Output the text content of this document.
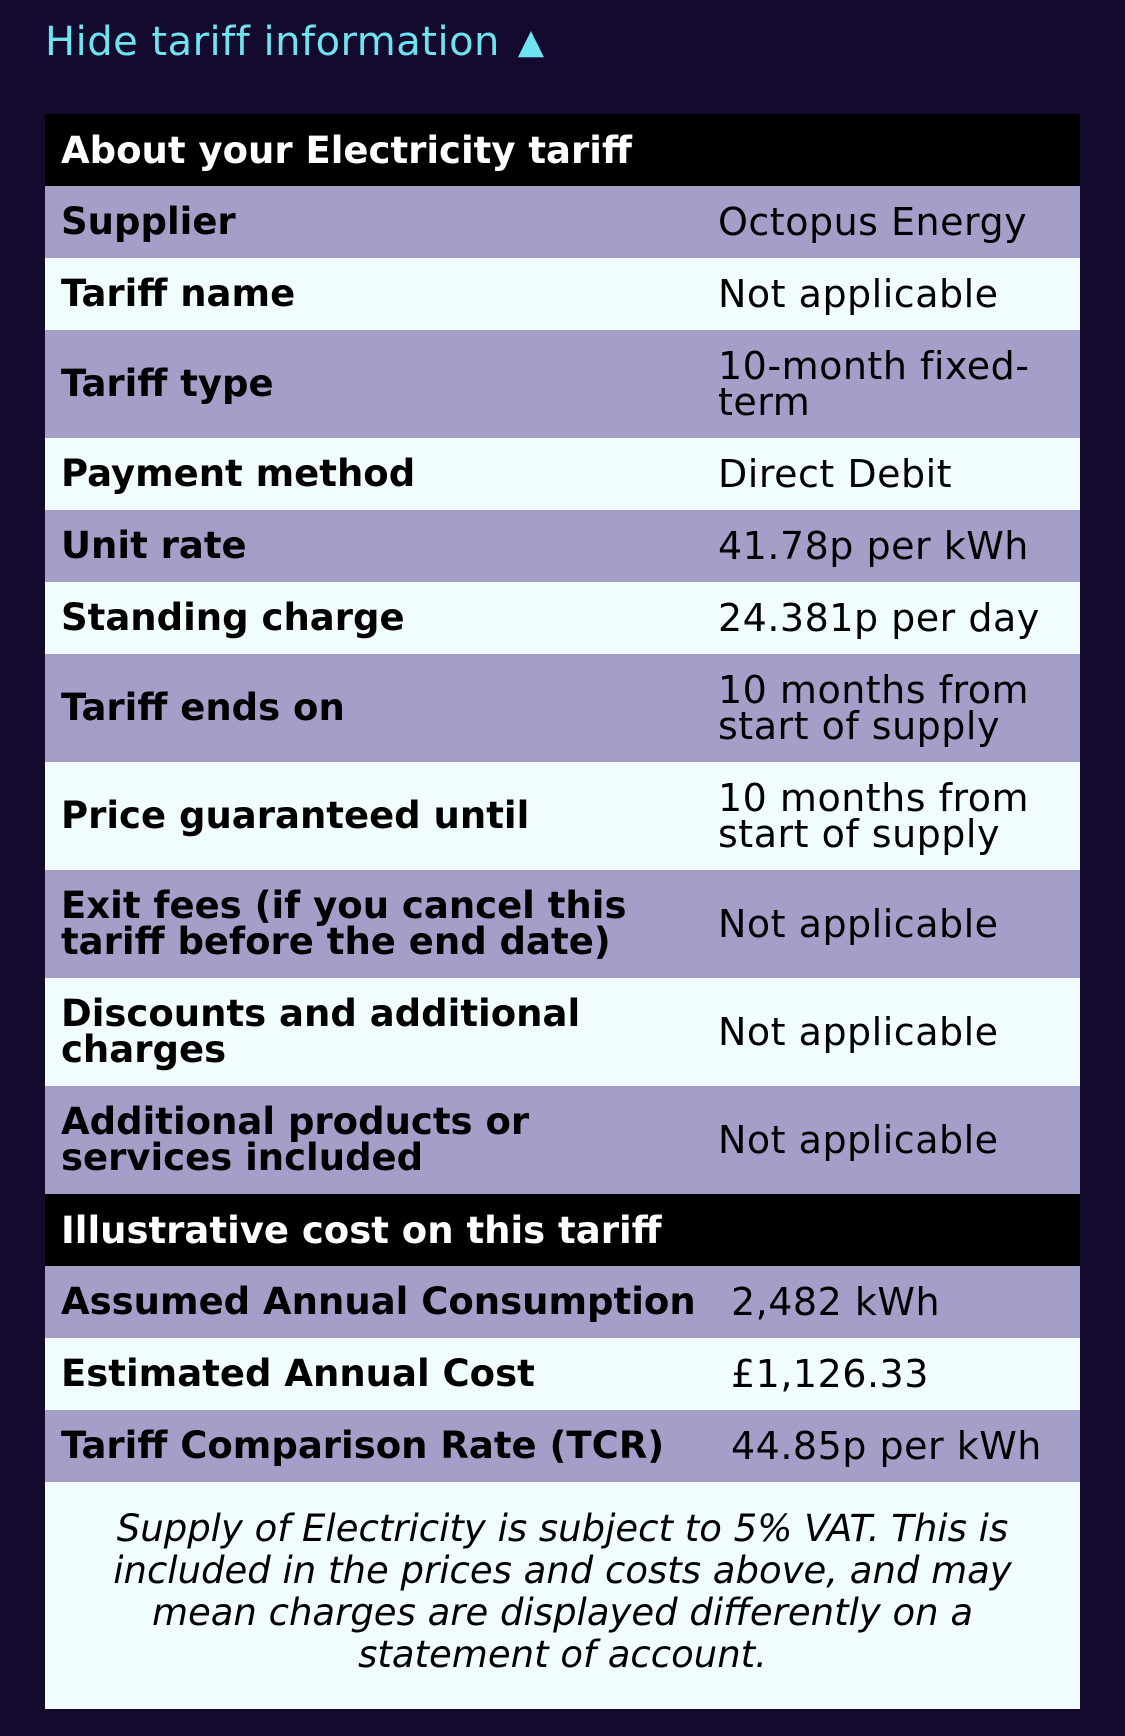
Hide tariff information ▲
About your Electricity tariff
Supplier	Octopus Energy
Tariff name	Not applicable
Tariff type	10-month fixed-term
Payment method	Direct Debit
Unit rate	41.78p per kWh
Standing charge	24.381p per day
Tariff ends on	10 months from start of supply
Price guaranteed until	10 months from start of supply
Exit fees (if you cancel this tariff before the end date)	Not applicable
Discounts and additional charges	Not applicable
Additional products or services included	Not applicable
Illustrative cost on this tariff
Assumed Annual Consumption 2,482 kWh
Estimated Annual Cost	£1,126.33
Tariff Comparison Rate (TCR)	44.85p per kWh
Supply of Electricity is subject to 5% VAT. This is included in the prices and costs above, and may mean charges are displayed differently on a statement of account.
